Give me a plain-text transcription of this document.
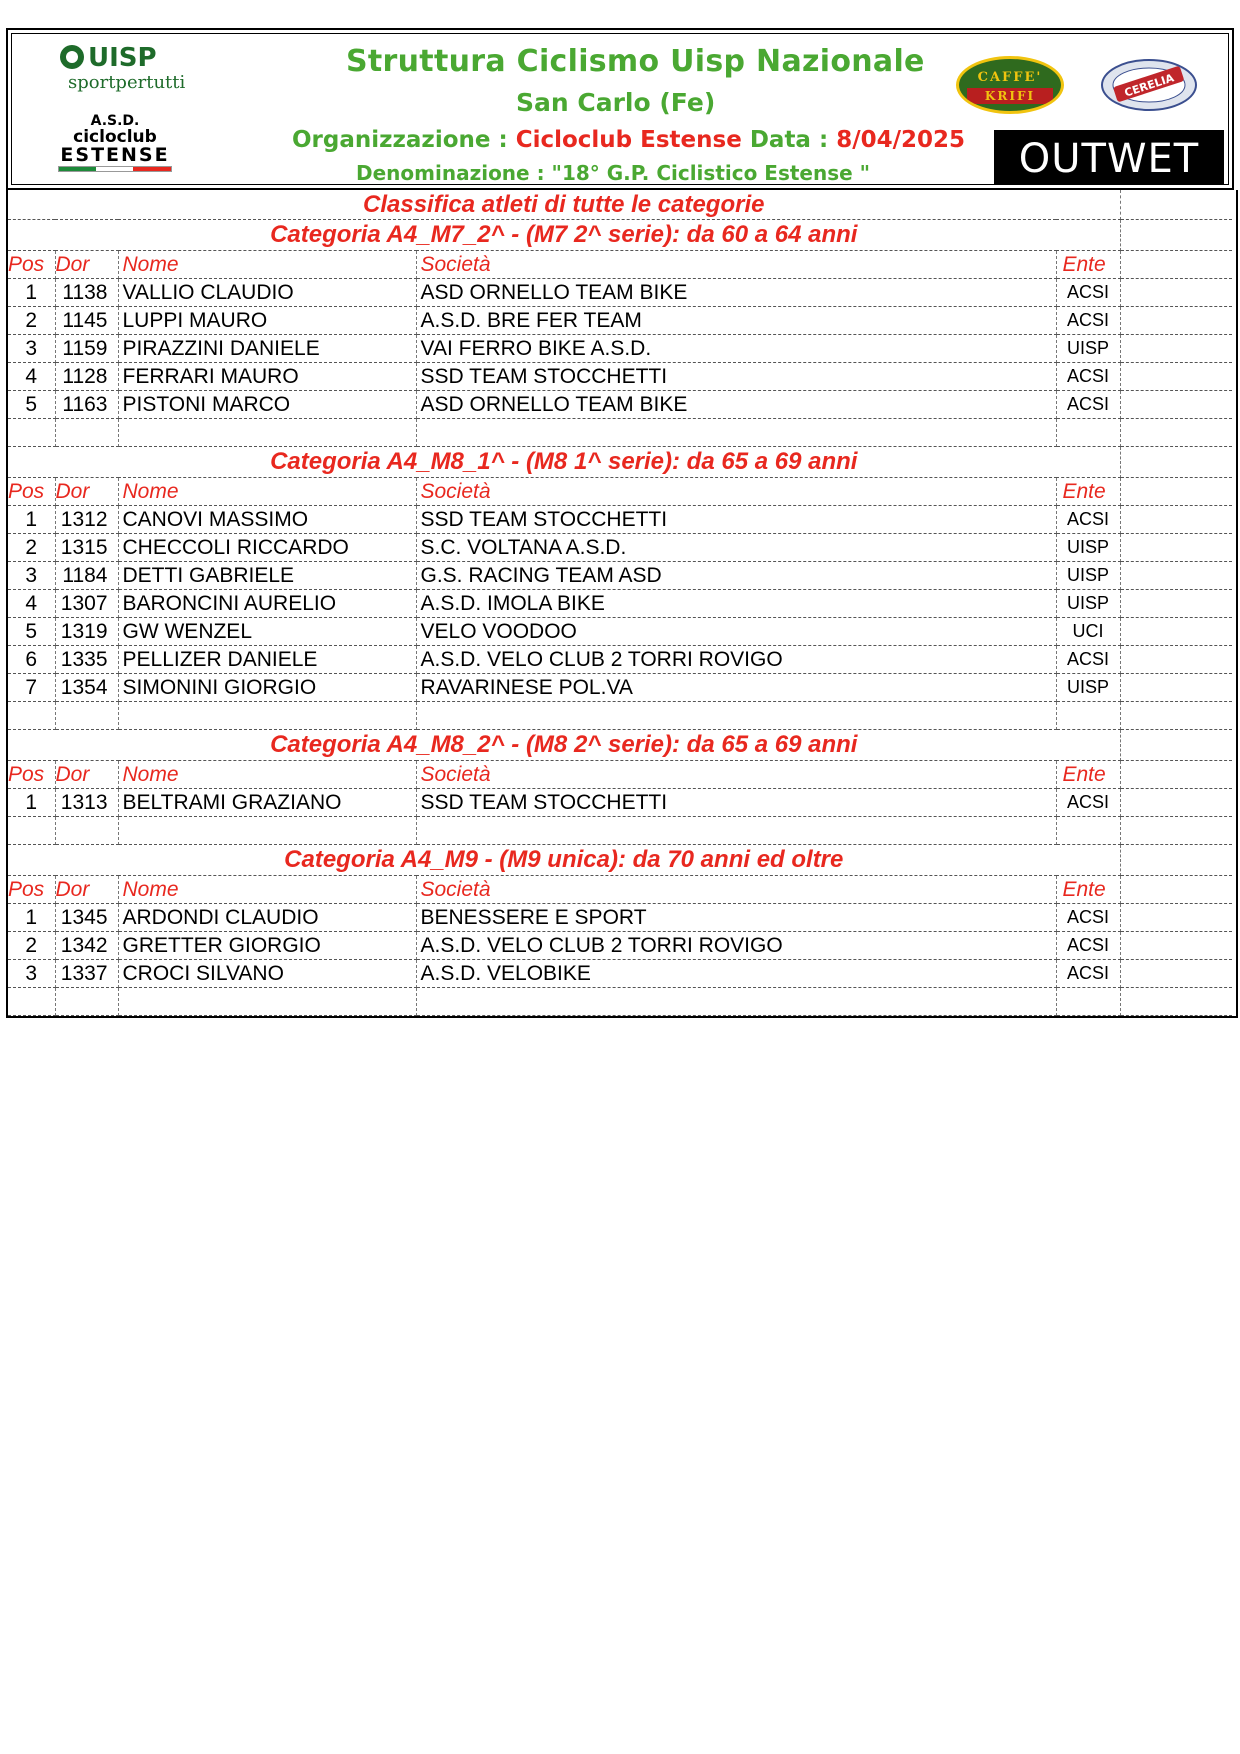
UISP
sportpertutti
A.S.D.
cicloclub
ESTENSE
Struttura Ciclismo Uisp Nazionale
San Carlo (Fe)
Organizzazione : Cicloclub Estense Data : 8/04/2025
Denominazione : "18° G.P. Ciclistico Estense "
CAFFE'
KRIFI	CERELIA
OUTWET
Classifica atleti di tutte le categorie					
Categoria A4_M7_2^ - (M7 2^ serie): da 60 a 64 anni					
Pos	Dor	Nome	Società	Ente	
1	1138	VALLIO CLAUDIO	ASD ORNELLO TEAM BIKE	ACSI	
2	1145	LUPPI MAURO	A.S.D. BRE FER TEAM	ACSI	
3	1159	PIRAZZINI DANIELE	VAI FERRO BIKE A.S.D.	UISP	
4	1128	FERRARI MAURO	SSD TEAM STOCCHETTI	ACSI	
5	1163	PISTONI MARCO	ASD ORNELLO TEAM BIKE	ACSI	

Categoria A4_M8_1^ - (M8 1^ serie): da 65 a 69 anni					
Pos	Dor	Nome	Società	Ente	
1	1312	CANOVI MASSIMO	SSD TEAM STOCCHETTI	ACSI	
2	1315	CHECCOLI RICCARDO	S.C. VOLTANA A.S.D.	UISP	
3	1184	DETTI GABRIELE	G.S. RACING TEAM ASD	UISP	
4	1307	BARONCINI AURELIO	A.S.D. IMOLA BIKE	UISP	
5	1319	GW WENZEL	VELO VOODOO	UCI	
6	1335	PELLIZER DANIELE	A.S.D. VELO CLUB 2 TORRI ROVIGO	ACSI	
7	1354	SIMONINI GIORGIO	RAVARINESE POL.VA	UISP	

Categoria A4_M8_2^ - (M8 2^ serie): da 65 a 69 anni					
Pos	Dor	Nome	Società	Ente	
1	1313	BELTRAMI GRAZIANO	SSD TEAM STOCCHETTI	ACSI	

Categoria A4_M9 - (M9 unica): da 70 anni ed oltre					
Pos	Dor	Nome	Società	Ente	
1	1345	ARDONDI CLAUDIO	BENESSERE E SPORT	ACSI	
2	1342	GRETTER GIORGIO	A.S.D. VELO CLUB 2 TORRI ROVIGO	ACSI	
3	1337	CROCI SILVANO	A.S.D. VELOBIKE	ACSI	
